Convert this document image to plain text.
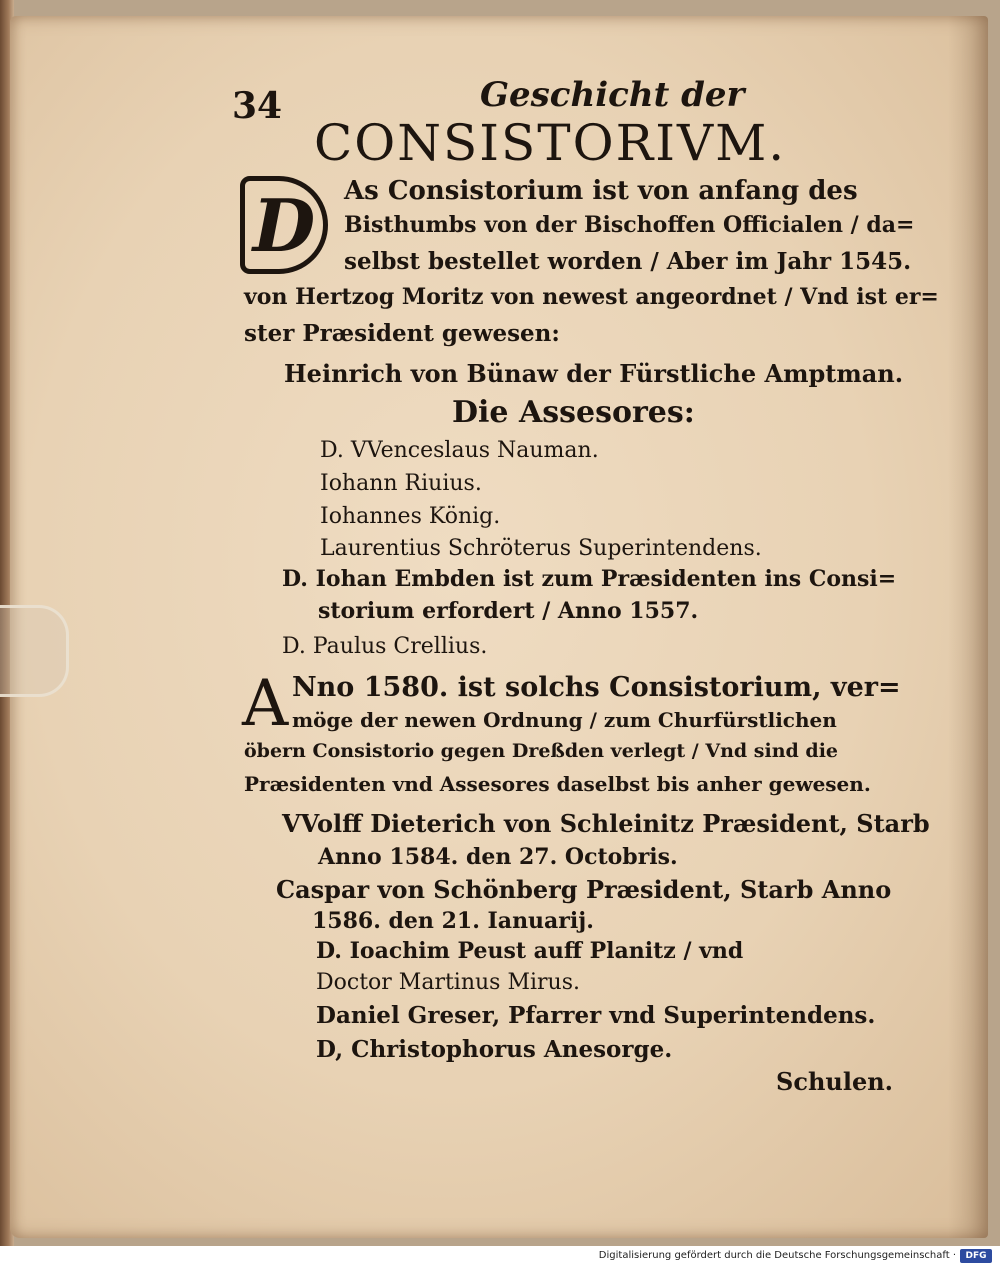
34	Geschicht der
CONSISTORIVM.
D	As Consistorium ist von anfang des
Bisthumbs von der Bischoffen Officialen / da=
selbst bestellet worden / Aber im Jahr 1545.
von Hertzog Moritz von newest angeordnet / Vnd ist er=
ster Præsident gewesen:
Heinrich von Bünaw der Fürstliche Amptman.
Die Assesores:
D. VVenceslaus Nauman.
Iohann Riuius.
Iohannes König.
Laurentius Schröterus Superintendens.
D. Iohan Embden ist zum Præsidenten ins Consi=
storium erfordert / Anno 1557.
D. Paulus Crellius.
A Nno 1580. ist solchs Consistorium, ver=
möge der newen Ordnung / zum Churfürstlichen
öbern Consistorio gegen Dreßden verlegt / Vnd sind die
Præsidenten vnd Assesores daselbst bis anher gewesen.
VVolff Dieterich von Schleinitz Præsident, Starb
Anno 1584. den 27. Octobris.
Caspar von Schönberg Præsident, Starb Anno
1586. den 21. Ianuarij.
D. Ioachim Peust auff Planitz / vnd
Doctor Martinus Mirus.
Daniel Greser, Pfarrer vnd Superintendens.
D, Christophorus Anesorge.
Schulen.
Digitalisierung gefördert durch die Deutsche Forschungsgemeinschaft ·	DFG
